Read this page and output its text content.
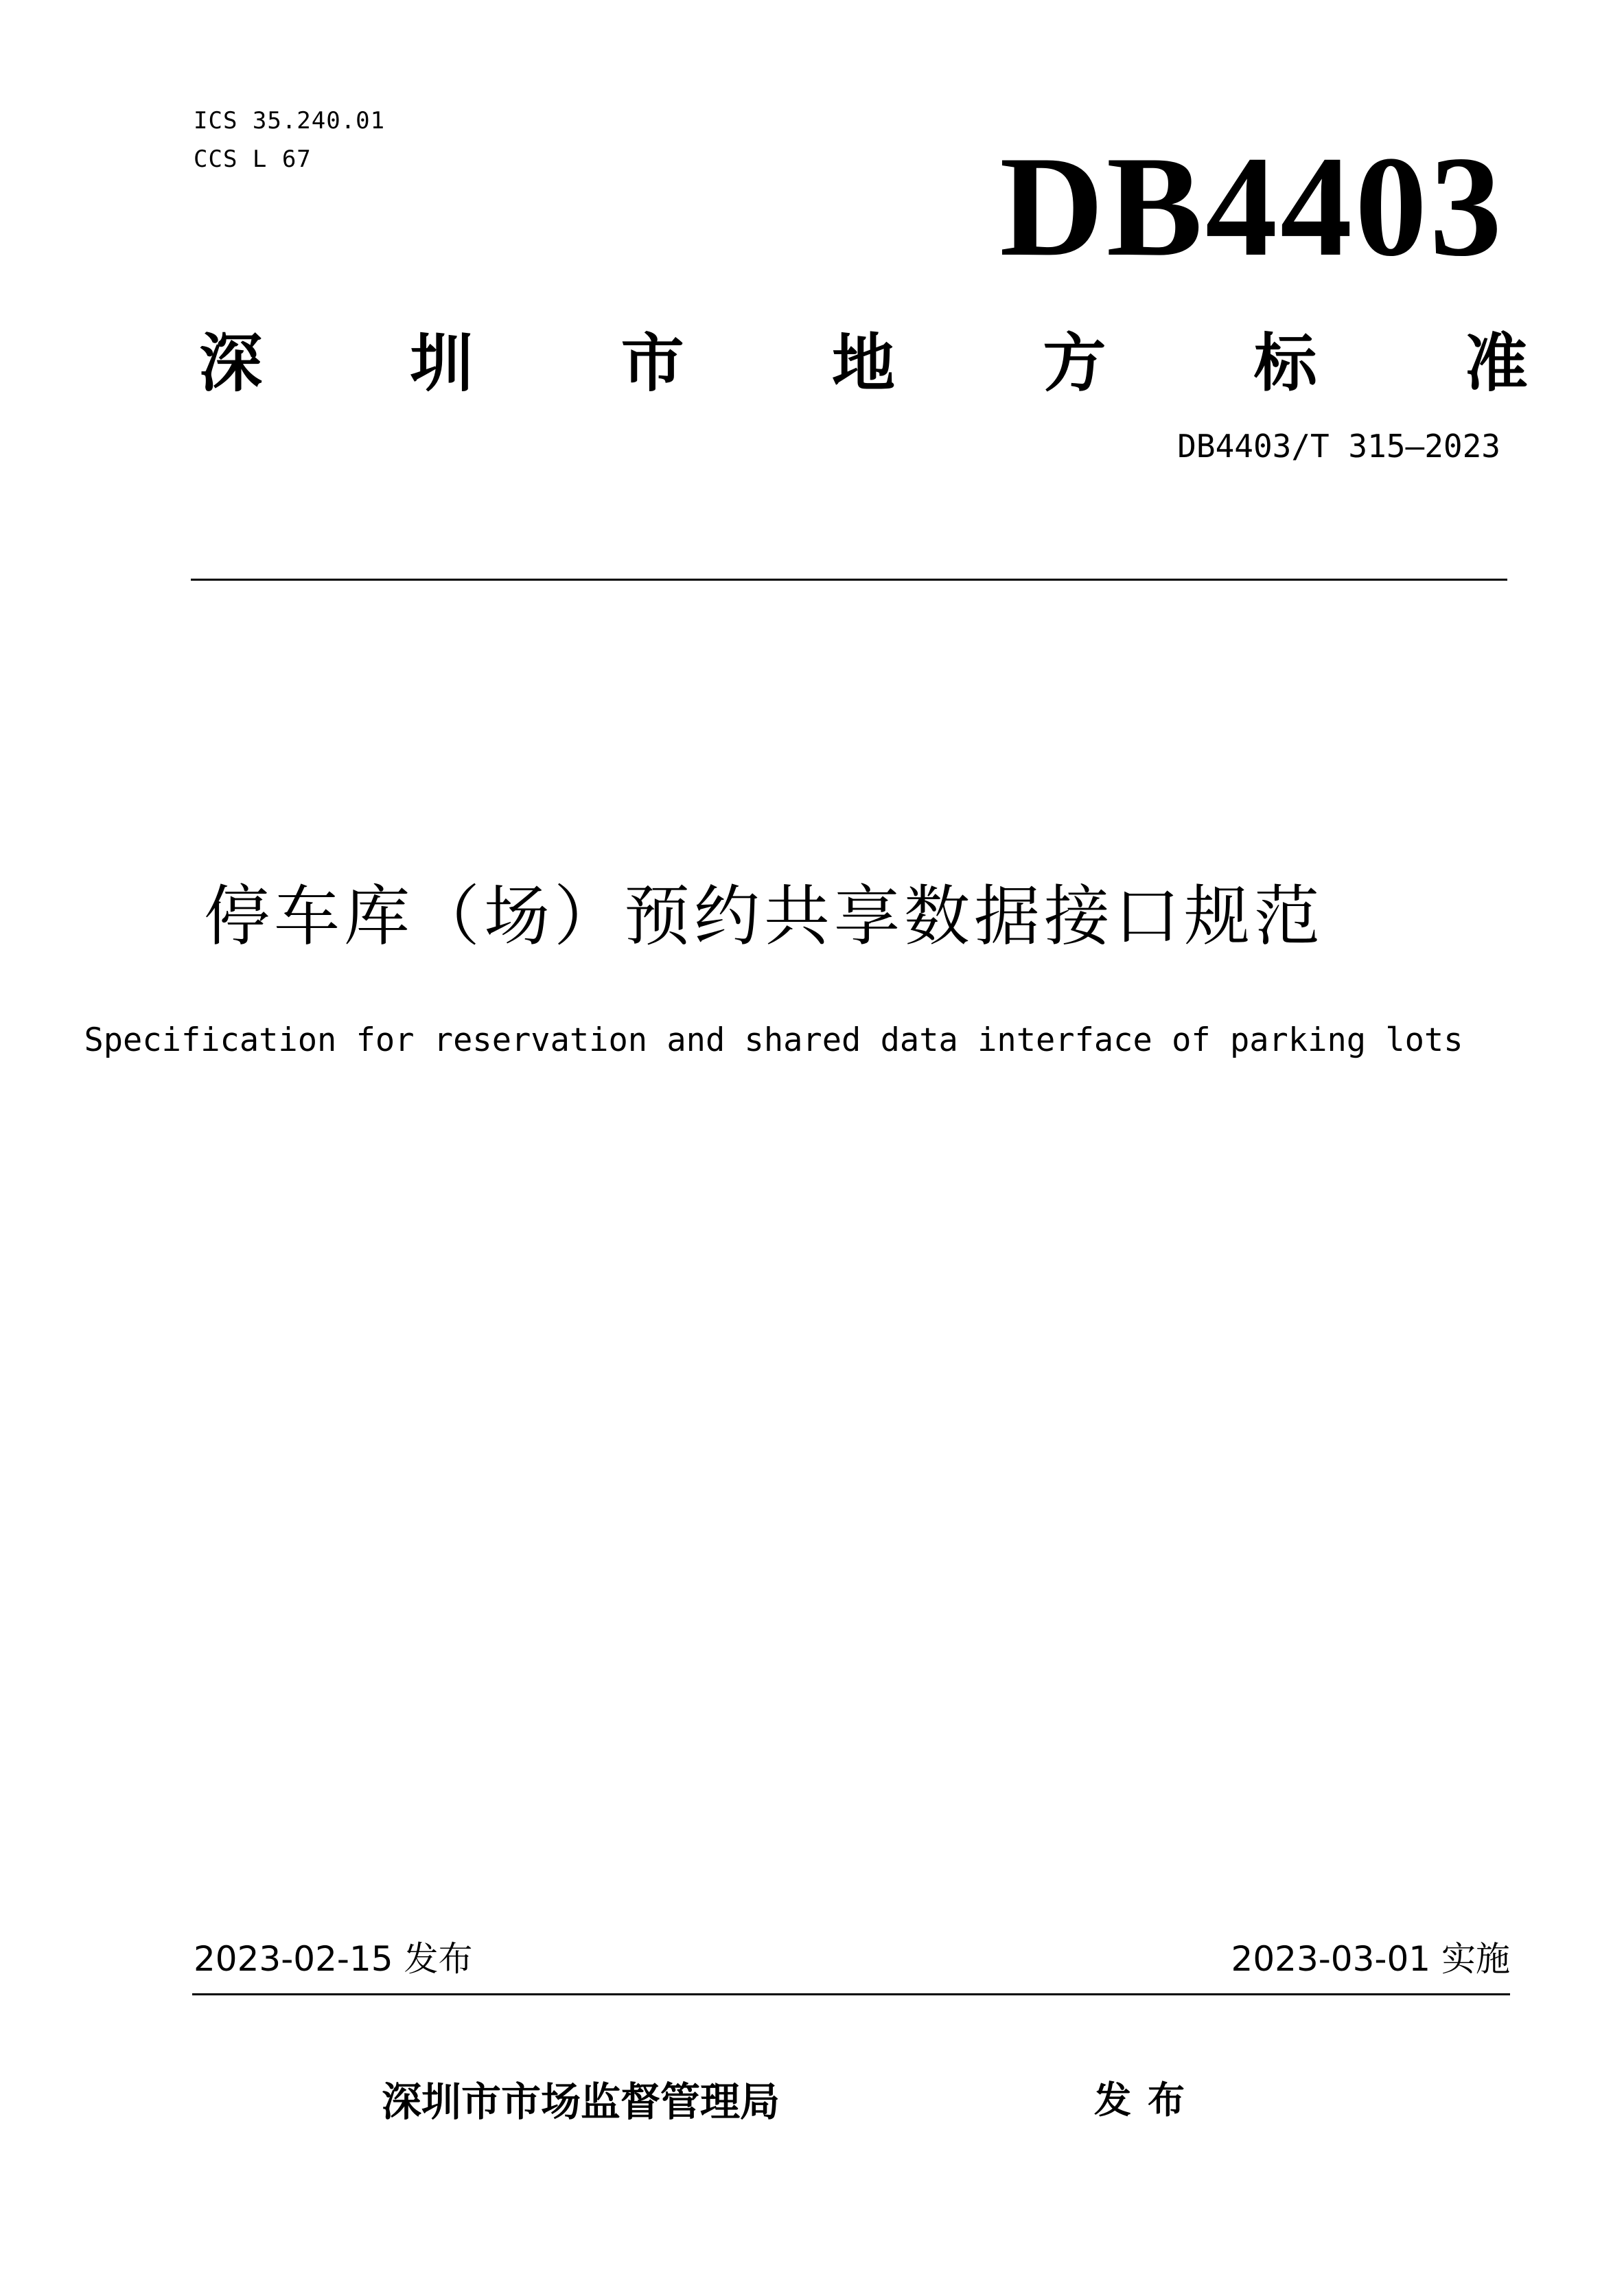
ICS 35.240.01
CCS L 67	DB4403
深 圳 市 地 方 标 准
DB4403/T 315—2023
停车库（场）预约共享数据接口规范
Specification for reservation and shared data interface of parking lots
2023-02-15 发布	2023-03-01 实施
深圳市市场监督管理局	发布
